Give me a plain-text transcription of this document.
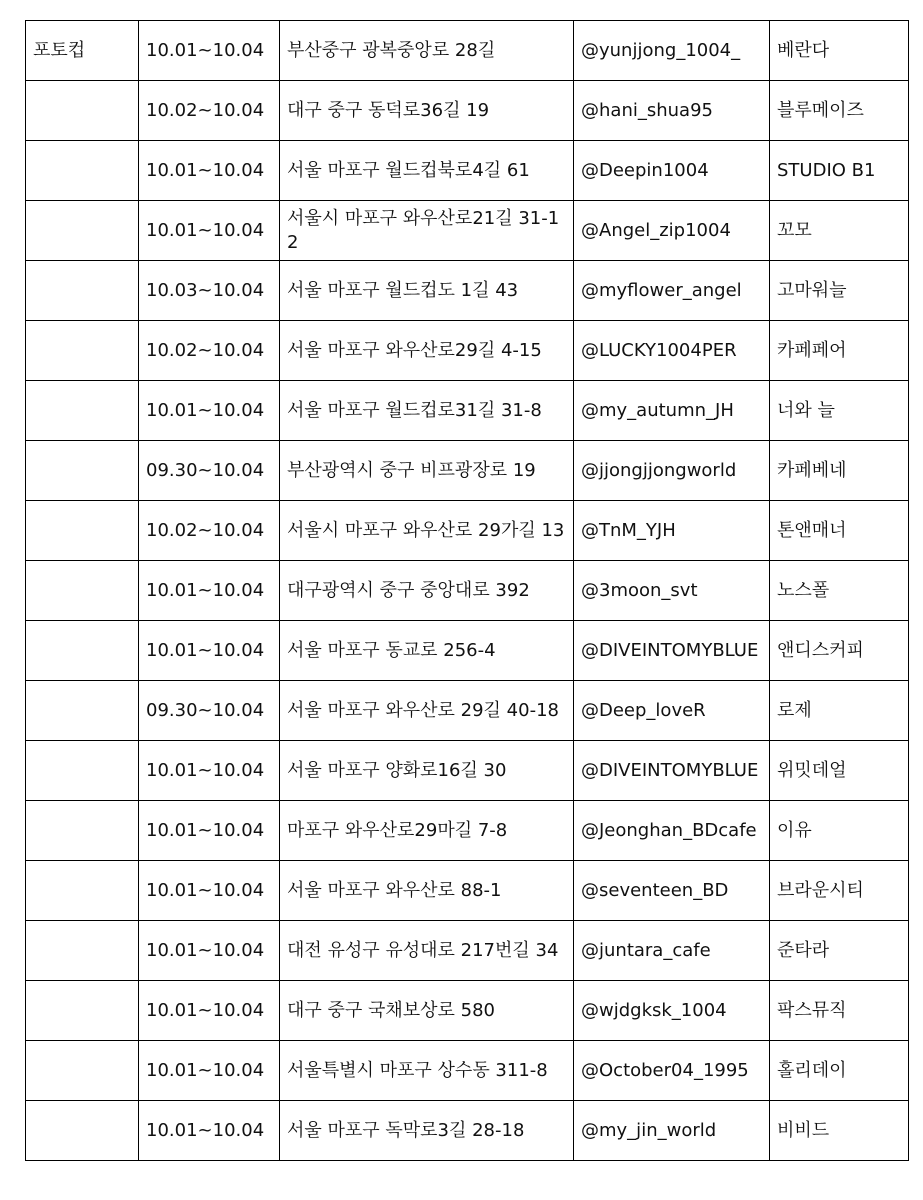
포토컵	10.01~10.04	부산중구 광복중앙로 28길	@yunjjong_1004_	베란다
	10.02~10.04	대구 중구 동덕로36길 19	@hani_shua95	블루메이즈
	10.01~10.04	서울 마포구 월드컵북로4길 61	@Deepin1004	STUDIO B1
	10.01~10.04	서울시 마포구 와우산로21길 31-12	@Angel_zip1004	꼬모
	10.03~10.04	서울 마포구 월드컵도 1길 43	@myflower_angel	고마워늘
	10.02~10.04	서울 마포구 와우산로29길 4-15	@LUCKY1004PER	카페페어
	10.01~10.04	서울 마포구 월드컵로31길 31-8	@my_autumn_JH	너와 늘
	09.30~10.04	부산광역시 중구 비프광장로 19	@jjongjjongworld	카페베네
	10.02~10.04	서울시 마포구 와우산로 29가길 13	@TnM_YJH	톤앤매너
	10.01~10.04	대구광역시 중구 중앙대로 392	@3moon_svt	노스폴
	10.01~10.04	서울 마포구 동교로 256-4	@DIVEINTOMYBLUE	앤디스커피
	09.30~10.04	서울 마포구 와우산로 29길 40-18	@Deep_loveR	로제
	10.01~10.04	서울 마포구 양화로16길 30	@DIVEINTOMYBLUE	위밋데얼
	10.01~10.04	마포구 와우산로29마길 7-8	@Jeonghan_BDcafe	이유
	10.01~10.04	서울 마포구 와우산로 88-1	@seventeen_BD	브라운시티
	10.01~10.04	대전 유성구 유성대로 217번길 34	@juntara_cafe	준타라
	10.01~10.04	대구 중구 국채보상로 580	@wjdgksk_1004	팍스뮤직
	10.01~10.04	서울특별시 마포구 상수동 311-8	@October04_1995	홀리데이
	10.01~10.04	서울 마포구 독막로3길 28-18	@my_jin_world	비비드
